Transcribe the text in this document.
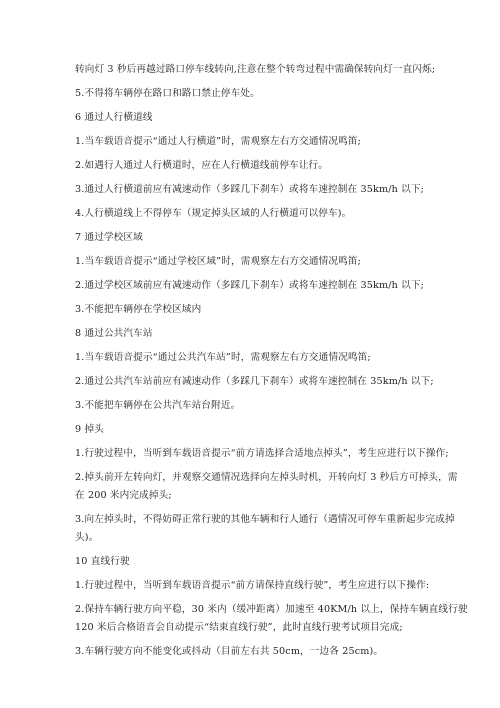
转向灯 3 秒后再越过路口停车线转向,注意在整个转弯过程中需确保转向灯一直闪烁;
5.不得将车辆停在路口和路口禁止停车处。
6 通过人行横道线
1.当车载语音提示“通过人行横道”时，需观察左右方交通情况鸣笛;
2.如遇行人通过人行横道时，应在人行横道线前停车让行。
3.通过人行横道前应有减速动作（多踩几下刹车）或将车速控制在 35km/h 以下;
4.人行横道线上不得停车（规定掉头区域的人行横道可以停车)。
7 通过学校区域
1.当车载语音提示“通过学校区域”时，需观察左右方交通情况鸣笛;
2.通过学校区域前应有减速动作（多踩几下刹车）或将车速控制在 35km/h 以下;
3.不能把车辆停在学校区域内
8 通过公共汽车站
1.当车载语音提示“通过公共汽车站”时，需观察左右方交通情况鸣笛;
2.通过公共汽车站前应有减速动作（多踩几下刹车）或将车速控制在 35km/h 以下;
3.不能把车辆停在公共汽车站台附近。
9 掉头
1.行驶过程中，当听到车载语音提示“前方请选择合适地点掉头”，考生应进行以下操作;
2.掉头前开左转向灯，并观察交通情况选择向左掉头时机，开转向灯 3 秒后方可掉头，需
在 200 米内完成掉头;
3.向左掉头时，不得妨碍正常行驶的其他车辆和行人通行（遇情况可停车重新起步完成掉
头)。
10 直线行驶
1.行驶过程中，当听到车载语音提示“前方请保持直线行驶”，考生应进行以下操作:
2.保持车辆行驶方向平稳，30 米内（缓冲距离）加速至 40KM/h 以上，保持车辆直线行驶
120 米后合格语音会自动提示“结束直线行驶”，此时直线行驶考试项目完成;
3.车辆行驶方向不能变化或抖动（目前左右共 50cm，一边各 25cm)。
